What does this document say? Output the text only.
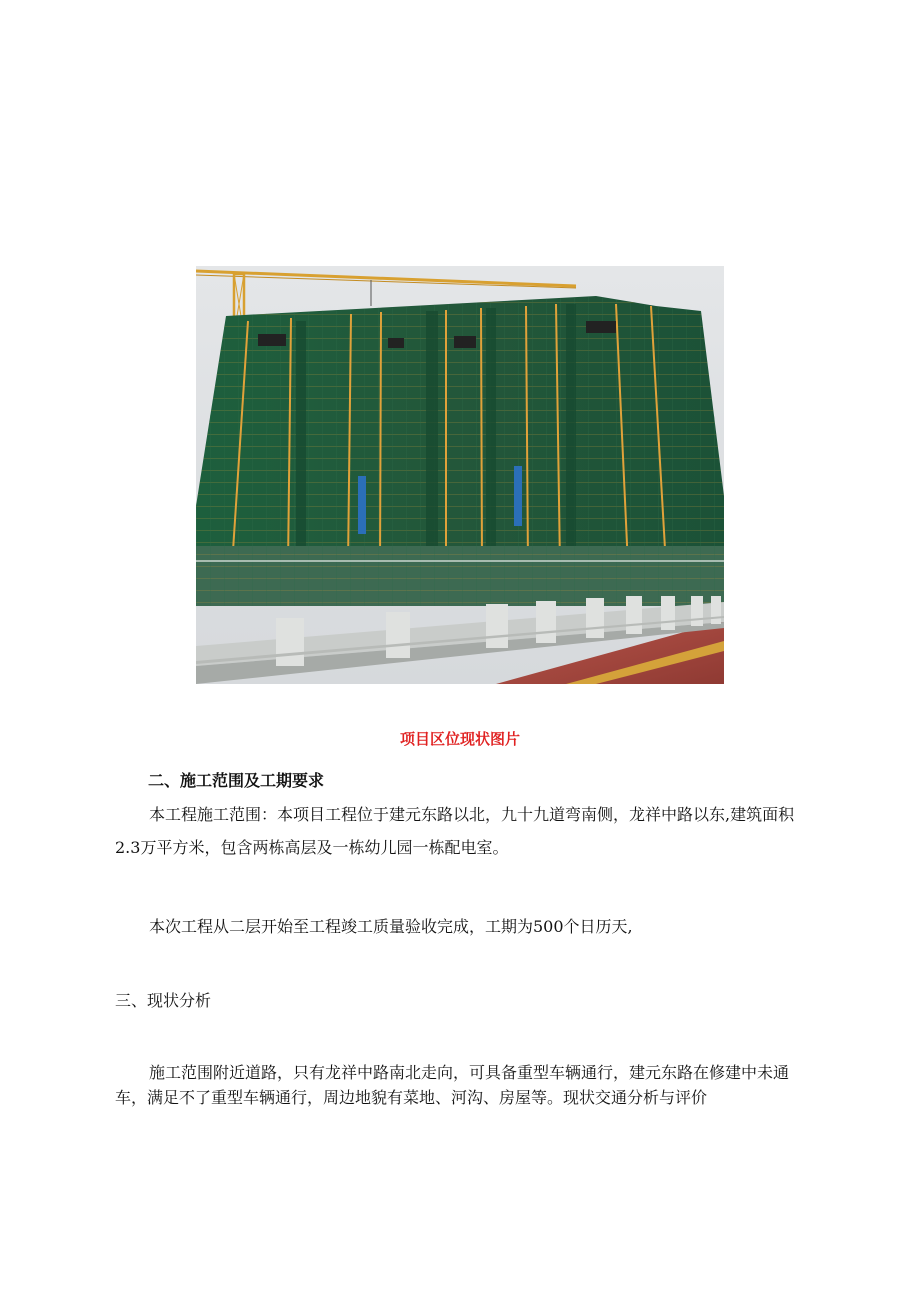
项目区位现状图片
二、施工范围及工期要求
本工程施工范围：本项目工程位于建元东路以北，九十九道弯南侧，龙祥中路以东,建筑面积2.3万平方米，包含两栋高层及一栋幼儿园一栋配电室。
本次工程从二层开始至工程竣工质量验收完成，工期为500个日历天,
三、现状分析
施工范围附近道路，只有龙祥中路南北走向，可具备重型车辆通行，建元东路在修建中未通车，满足不了重型车辆通行，周边地貌有菜地、河沟、房屋等。现状交通分析与评价
